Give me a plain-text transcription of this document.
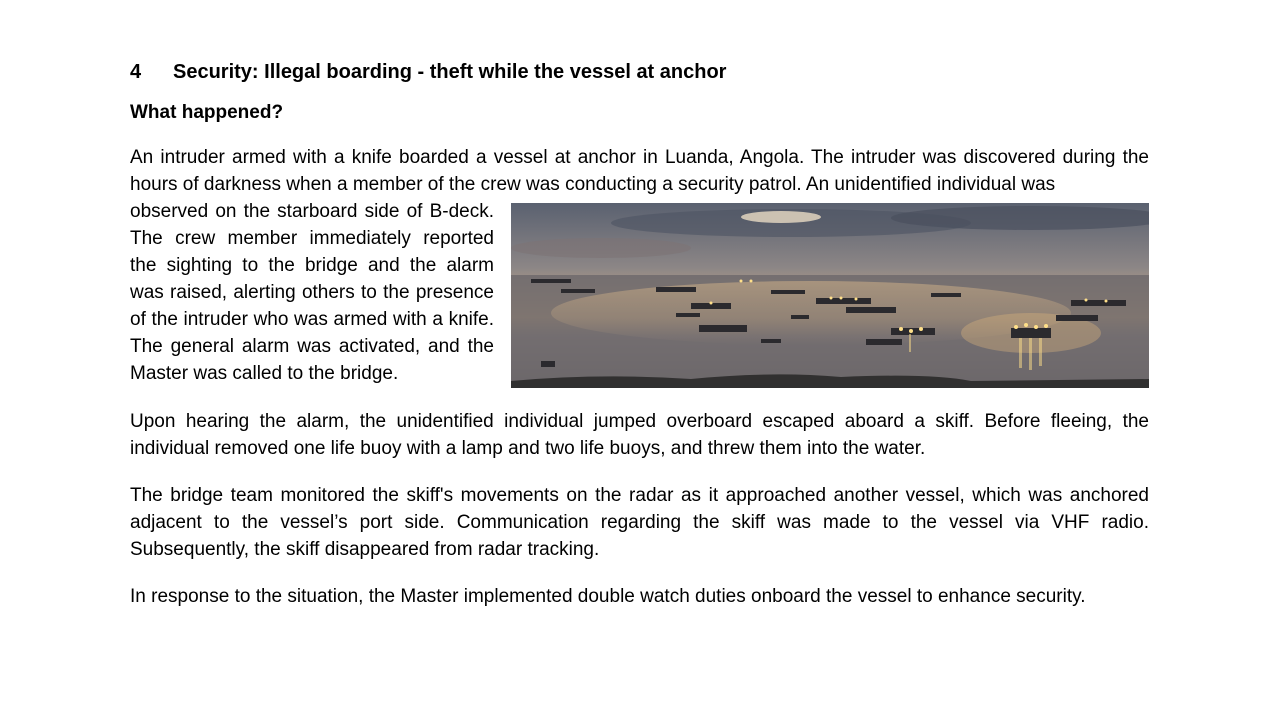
4	Security: Illegal boarding - theft while the vessel at anchor
What happened?
An intruder armed with a knife boarded a vessel at anchor in Luanda, Angola. The intruder was discovered during the hours of darkness when a member of the crew was conducting a security patrol. An unidentified individual was
observed on the starboard side of B-deck. The crew member immediately reported the sighting to the bridge and the alarm was raised, alerting others to the presence of the intruder who was armed with a knife. The general alarm was activated, and the Master was called to the bridge.

Upon hearing the alarm, the unidentified individual jumped overboard escaped aboard a skiff. Before fleeing, the individual removed one life buoy with a lamp and two life buoys, and threw them into the water.

The bridge team monitored the skiff's movements on the radar as it approached another vessel, which was anchored adjacent to the vessel’s port side. Communication regarding the skiff was made to the vessel via VHF radio. Subsequently, the skiff disappeared from radar tracking.

In response to the situation, the Master implemented double watch duties onboard the vessel to enhance security.
